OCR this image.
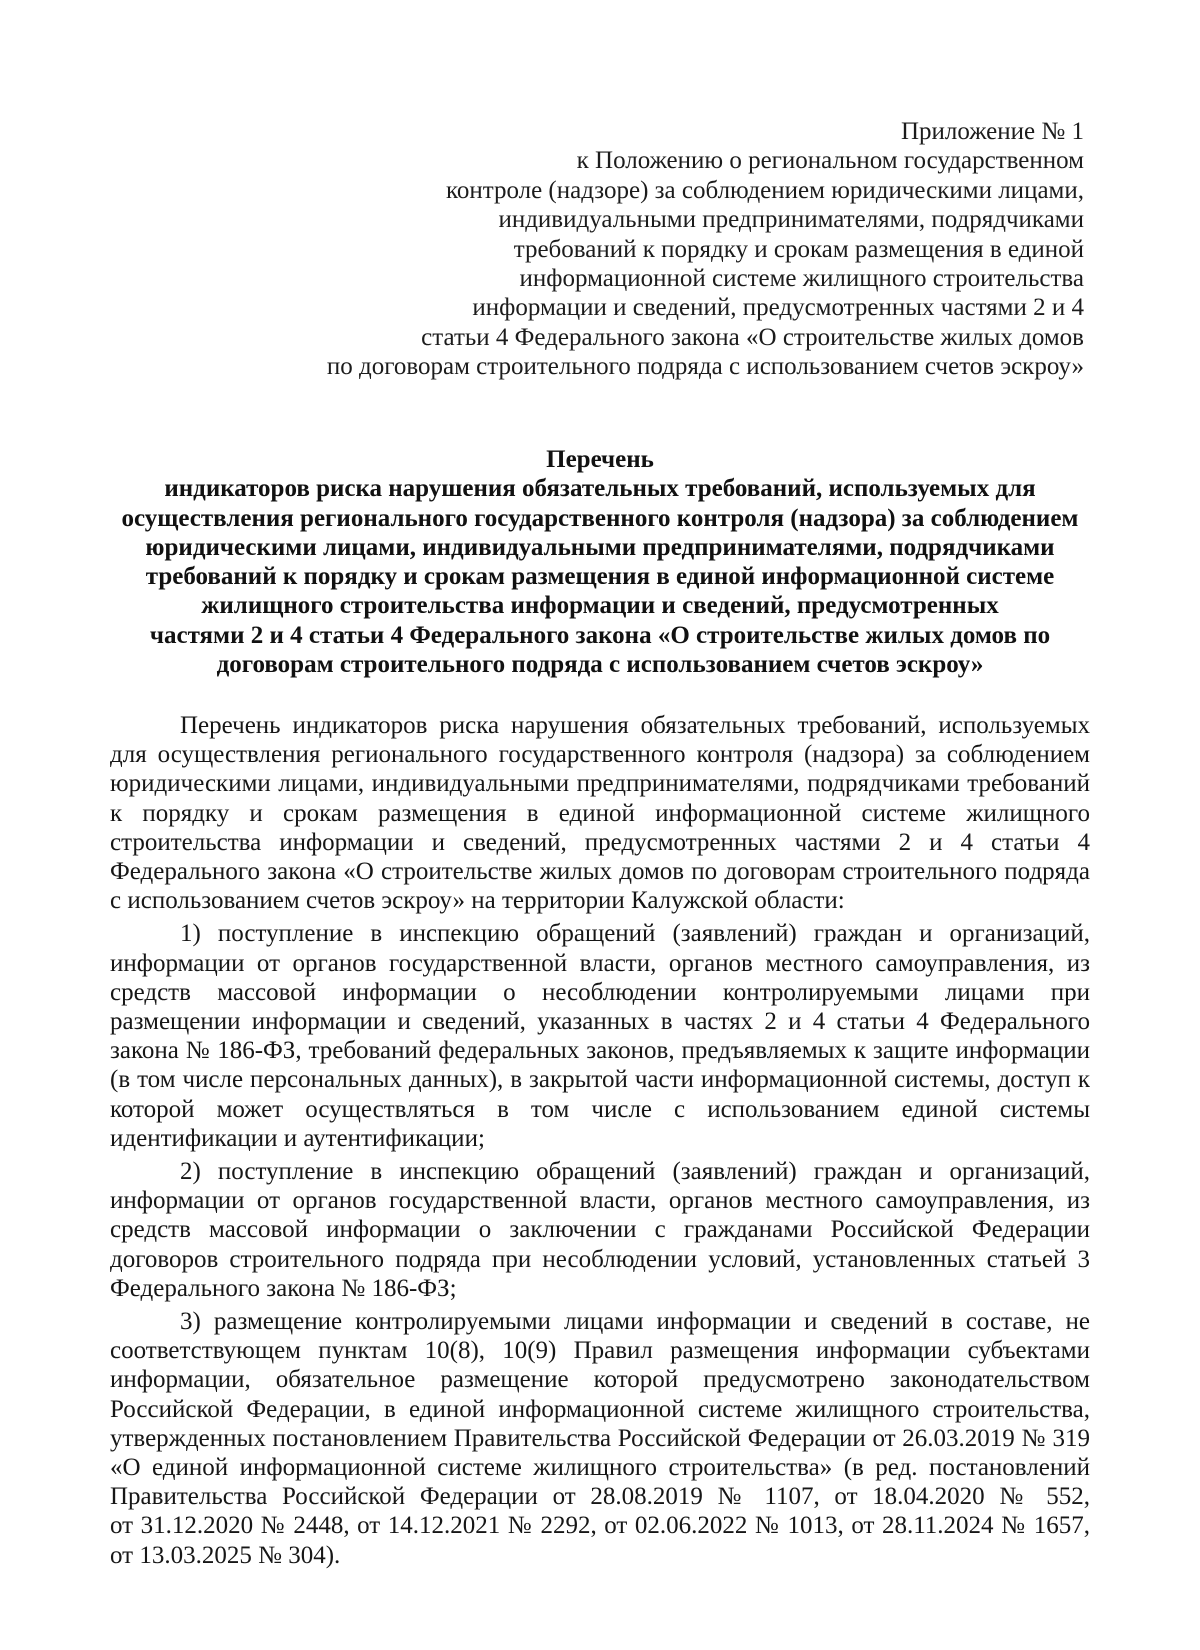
Приложение № 1
к Положению о региональном государственном
контроле (надзоре) за соблюдением юридическими лицами,
индивидуальными предпринимателями, подрядчиками
требований к порядку и срокам размещения в единой
информационной системе жилищного строительства
информации и сведений, предусмотренных частями 2 и 4
статьи 4 Федерального закона «О строительстве жилых домов
по договорам строительного подряда с использованием счетов эскроу»
Перечень
индикаторов риска нарушения обязательных требований, используемых для
осуществления регионального государственного контроля (надзора) за соблюдением
юридическими лицами, индивидуальными предпринимателями, подрядчиками
требований к порядку и срокам размещения в единой информационной системе
жилищного строительства информации и сведений, предусмотренных
частями 2 и 4 статьи 4 Федерального закона «О строительстве жилых домов по
договорам строительного подряда с использованием счетов эскроу»
Перечень индикаторов риска нарушения обязательных требований, используемых
для осуществления регионального государственного контроля (надзора) за соблюдением
юридическими лицами, индивидуальными предпринимателями, подрядчиками требований
к порядку и срокам размещения в единой информационной системе жилищного
строительства информации и сведений, предусмотренных частями 2 и 4 статьи 4
Федерального закона «О строительстве жилых домов по договорам строительного подряда
с использованием счетов эскроу» на территории Калужской области:
1) поступление в инспекцию обращений (заявлений) граждан и организаций,
информации от органов государственной власти, органов местного самоуправления, из
средств массовой информации о несоблюдении контролируемыми лицами при
размещении информации и сведений, указанных в частях 2 и 4 статьи 4 Федерального
закона № 186-ФЗ, требований федеральных законов, предъявляемых к защите информации
(в том числе персональных данных), в закрытой части информационной системы, доступ к
которой может осуществляться в том числе с использованием единой системы
идентификации и аутентификации;
2) поступление в инспекцию обращений (заявлений) граждан и организаций,
информации от органов государственной власти, органов местного самоуправления, из
средств массовой информации о заключении с гражданами Российской Федерации
договоров строительного подряда при несоблюдении условий, установленных статьей 3
Федерального закона № 186-ФЗ;
3) размещение контролируемыми лицами информации и сведений в составе, не
соответствующем пунктам 10(8), 10(9) Правил размещения информации субъектами
информации, обязательное размещение которой предусмотрено законодательством
Российской Федерации, в единой информационной системе жилищного строительства,
утвержденных постановлением Правительства Российской Федерации от 26.03.2019 № 319
«О единой информационной системе жилищного строительства» (в ред. постановлений
Правительства Российской Федерации от 28.08.2019 № 1107, от 18.04.2020 № 552,
от 31.12.2020 № 2448, от 14.12.2021 № 2292, от 02.06.2022 № 1013, от 28.11.2024 № 1657,
от 13.03.2025 № 304).
